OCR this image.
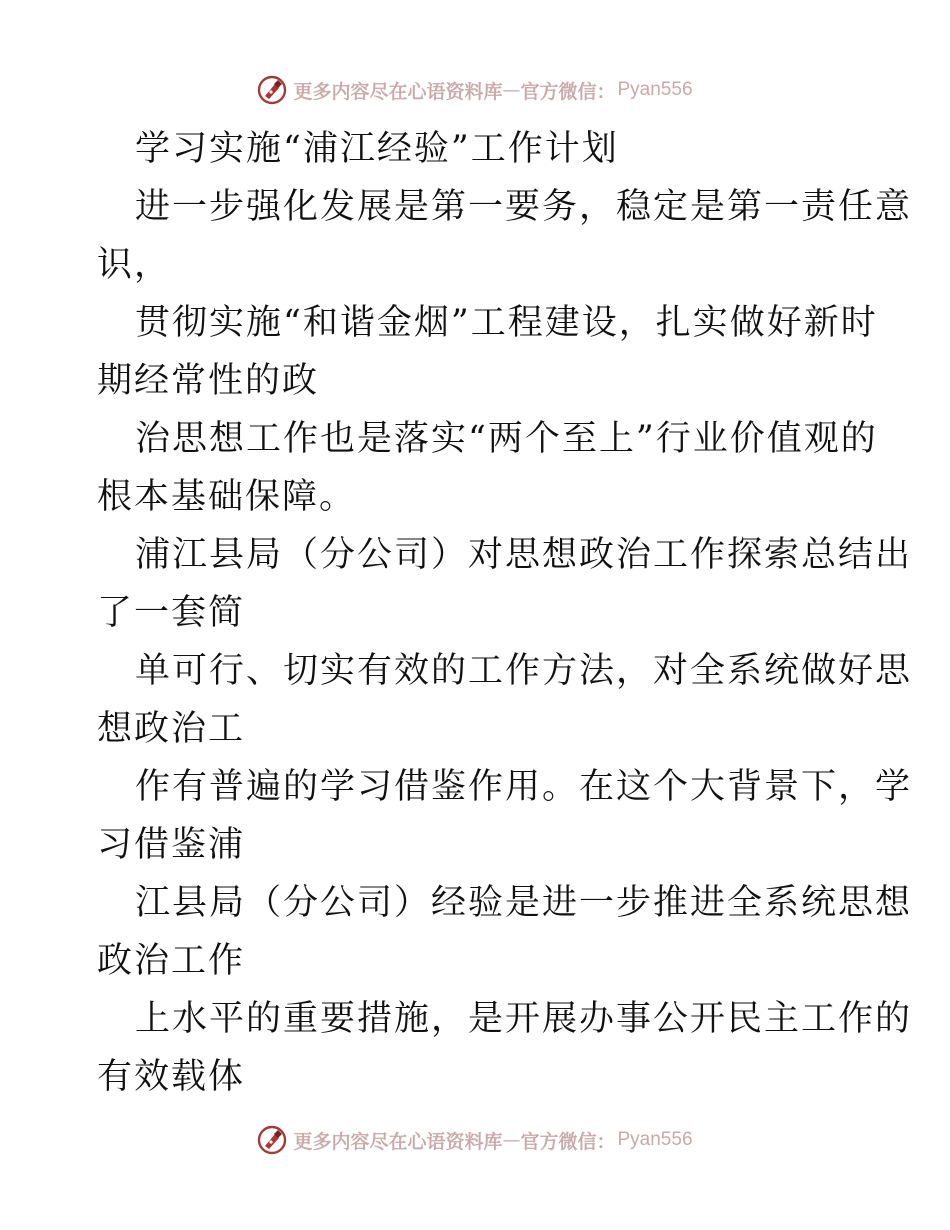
更多内容尽在心语资料库 — 官方微信： Pyan556
学习实施“浦江经验”工作计划
进一步强化发展是第一要务，稳定是第一责任意
识，
贯彻实施“和谐金烟”工程建设，扎实做好新时
期经常性的政
治思想工作也是落实“两个至上”行业价值观的
根本基础保障。
浦江县局（分公司）对思想政治工作探索总结出
了一套简
单可行、切实有效的工作方法，对全系统做好思
想政治工
作有普遍的学习借鉴作用。在这个大背景下，学
习借鉴浦
江县局（分公司）经验是进一步推进全系统思想
政治工作
上水平的重要措施，是开展办事公开民主工作的
有效载体
更多内容尽在心语资料库 — 官方微信： Pyan556
